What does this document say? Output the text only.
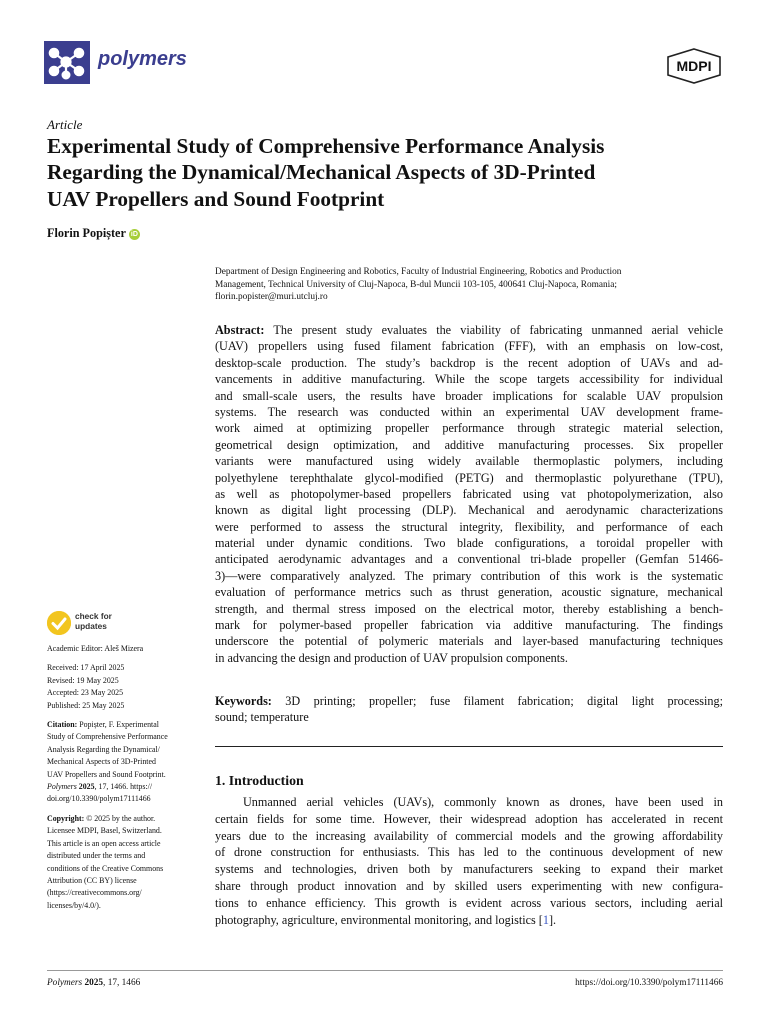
polymers	MDPI
Article
Experimental Study of Comprehensive Performance Analysis
Regarding the Dynamical/Mechanical Aspects of 3D-Printed
UAV Propellers and Sound Footprint
Florin Popișter iD
Department of Design Engineering and Robotics, Faculty of Industrial Engineering, Robotics and Production
Management, Technical University of Cluj-Napoca, B-dul Muncii 103-105, 400641 Cluj-Napoca, Romania;
florin.popister@muri.utcluj.ro
Abstract: The present study evaluates the viability of fabricating unmanned aerial vehicle
(UAV) propellers using fused filament fabrication (FFF), with an emphasis on low-cost,
desktop-scale production. The study’s backdrop is the recent adoption of UAVs and ad-
vancements in additive manufacturing. While the scope targets accessibility for individual
and small-scale users, the results have broader implications for scalable UAV propulsion
systems. The research was conducted within an experimental UAV development frame-
work aimed at optimizing propeller performance through strategic material selection,
geometrical design optimization, and additive manufacturing processes. Six propeller
variants were manufactured using widely available thermoplastic polymers, including
polyethylene terephthalate glycol-modified (PETG) and thermoplastic polyurethane (TPU),
as well as photopolymer-based propellers fabricated using vat photopolymerization, also
known as digital light processing (DLP). Mechanical and aerodynamic characterizations
were performed to assess the structural integrity, flexibility, and performance of each
material under dynamic conditions. Two blade configurations, a toroidal propeller with
anticipated aerodynamic advantages and a conventional tri-blade propeller (Gemfan 51466-
3)—were comparatively analyzed. The primary contribution of this work is the systematic
evaluation of performance metrics such as thrust generation, acoustic signature, mechanical
strength, and thermal stress imposed on the electrical motor, thereby establishing a bench-
mark for polymer-based propeller fabrication via additive manufacturing. The findings
underscore the potential of polymeric materials and layer-based manufacturing techniques
in advancing the design and production of UAV propulsion components.
Keywords: 3D printing; propeller; fuse filament fabrication; digital light processing;
sound; temperature
1. Introduction
Unmanned aerial vehicles (UAVs), commonly known as drones, have been used in
certain fields for some time. However, their widespread adoption has accelerated in recent
years due to the increasing availability of commercial models and the growing affordability
of drone construction for enthusiasts. This has led to the continuous development of new
systems and technologies, driven both by manufacturers seeking to expand their market
share through product innovation and by skilled users experimenting with new configura-
tions to enhance efficiency. This growth is evident across various sectors, including aerial
photography, agriculture, environmental monitoring, and logistics [1].
check for
updates
Academic Editor: Aleš Mizera
Received: 17 April 2025
Revised: 19 May 2025
Accepted: 23 May 2025
Published: 25 May 2025
Citation: Popișter, F. Experimental
Study of Comprehensive Performance
Analysis Regarding the Dynamical/
Mechanical Aspects of 3D-Printed
UAV Propellers and Sound Footprint.
Polymers 2025, 17, 1466. https://
doi.org/10.3390/polym17111466
Copyright: © 2025 by the author.
Licensee MDPI, Basel, Switzerland.
This article is an open access article
distributed under the terms and
conditions of the Creative Commons
Attribution (CC BY) license
(https://creativecommons.org/
licenses/by/4.0/).
Polymers 2025, 17, 1466	https://doi.org/10.3390/polym17111466
